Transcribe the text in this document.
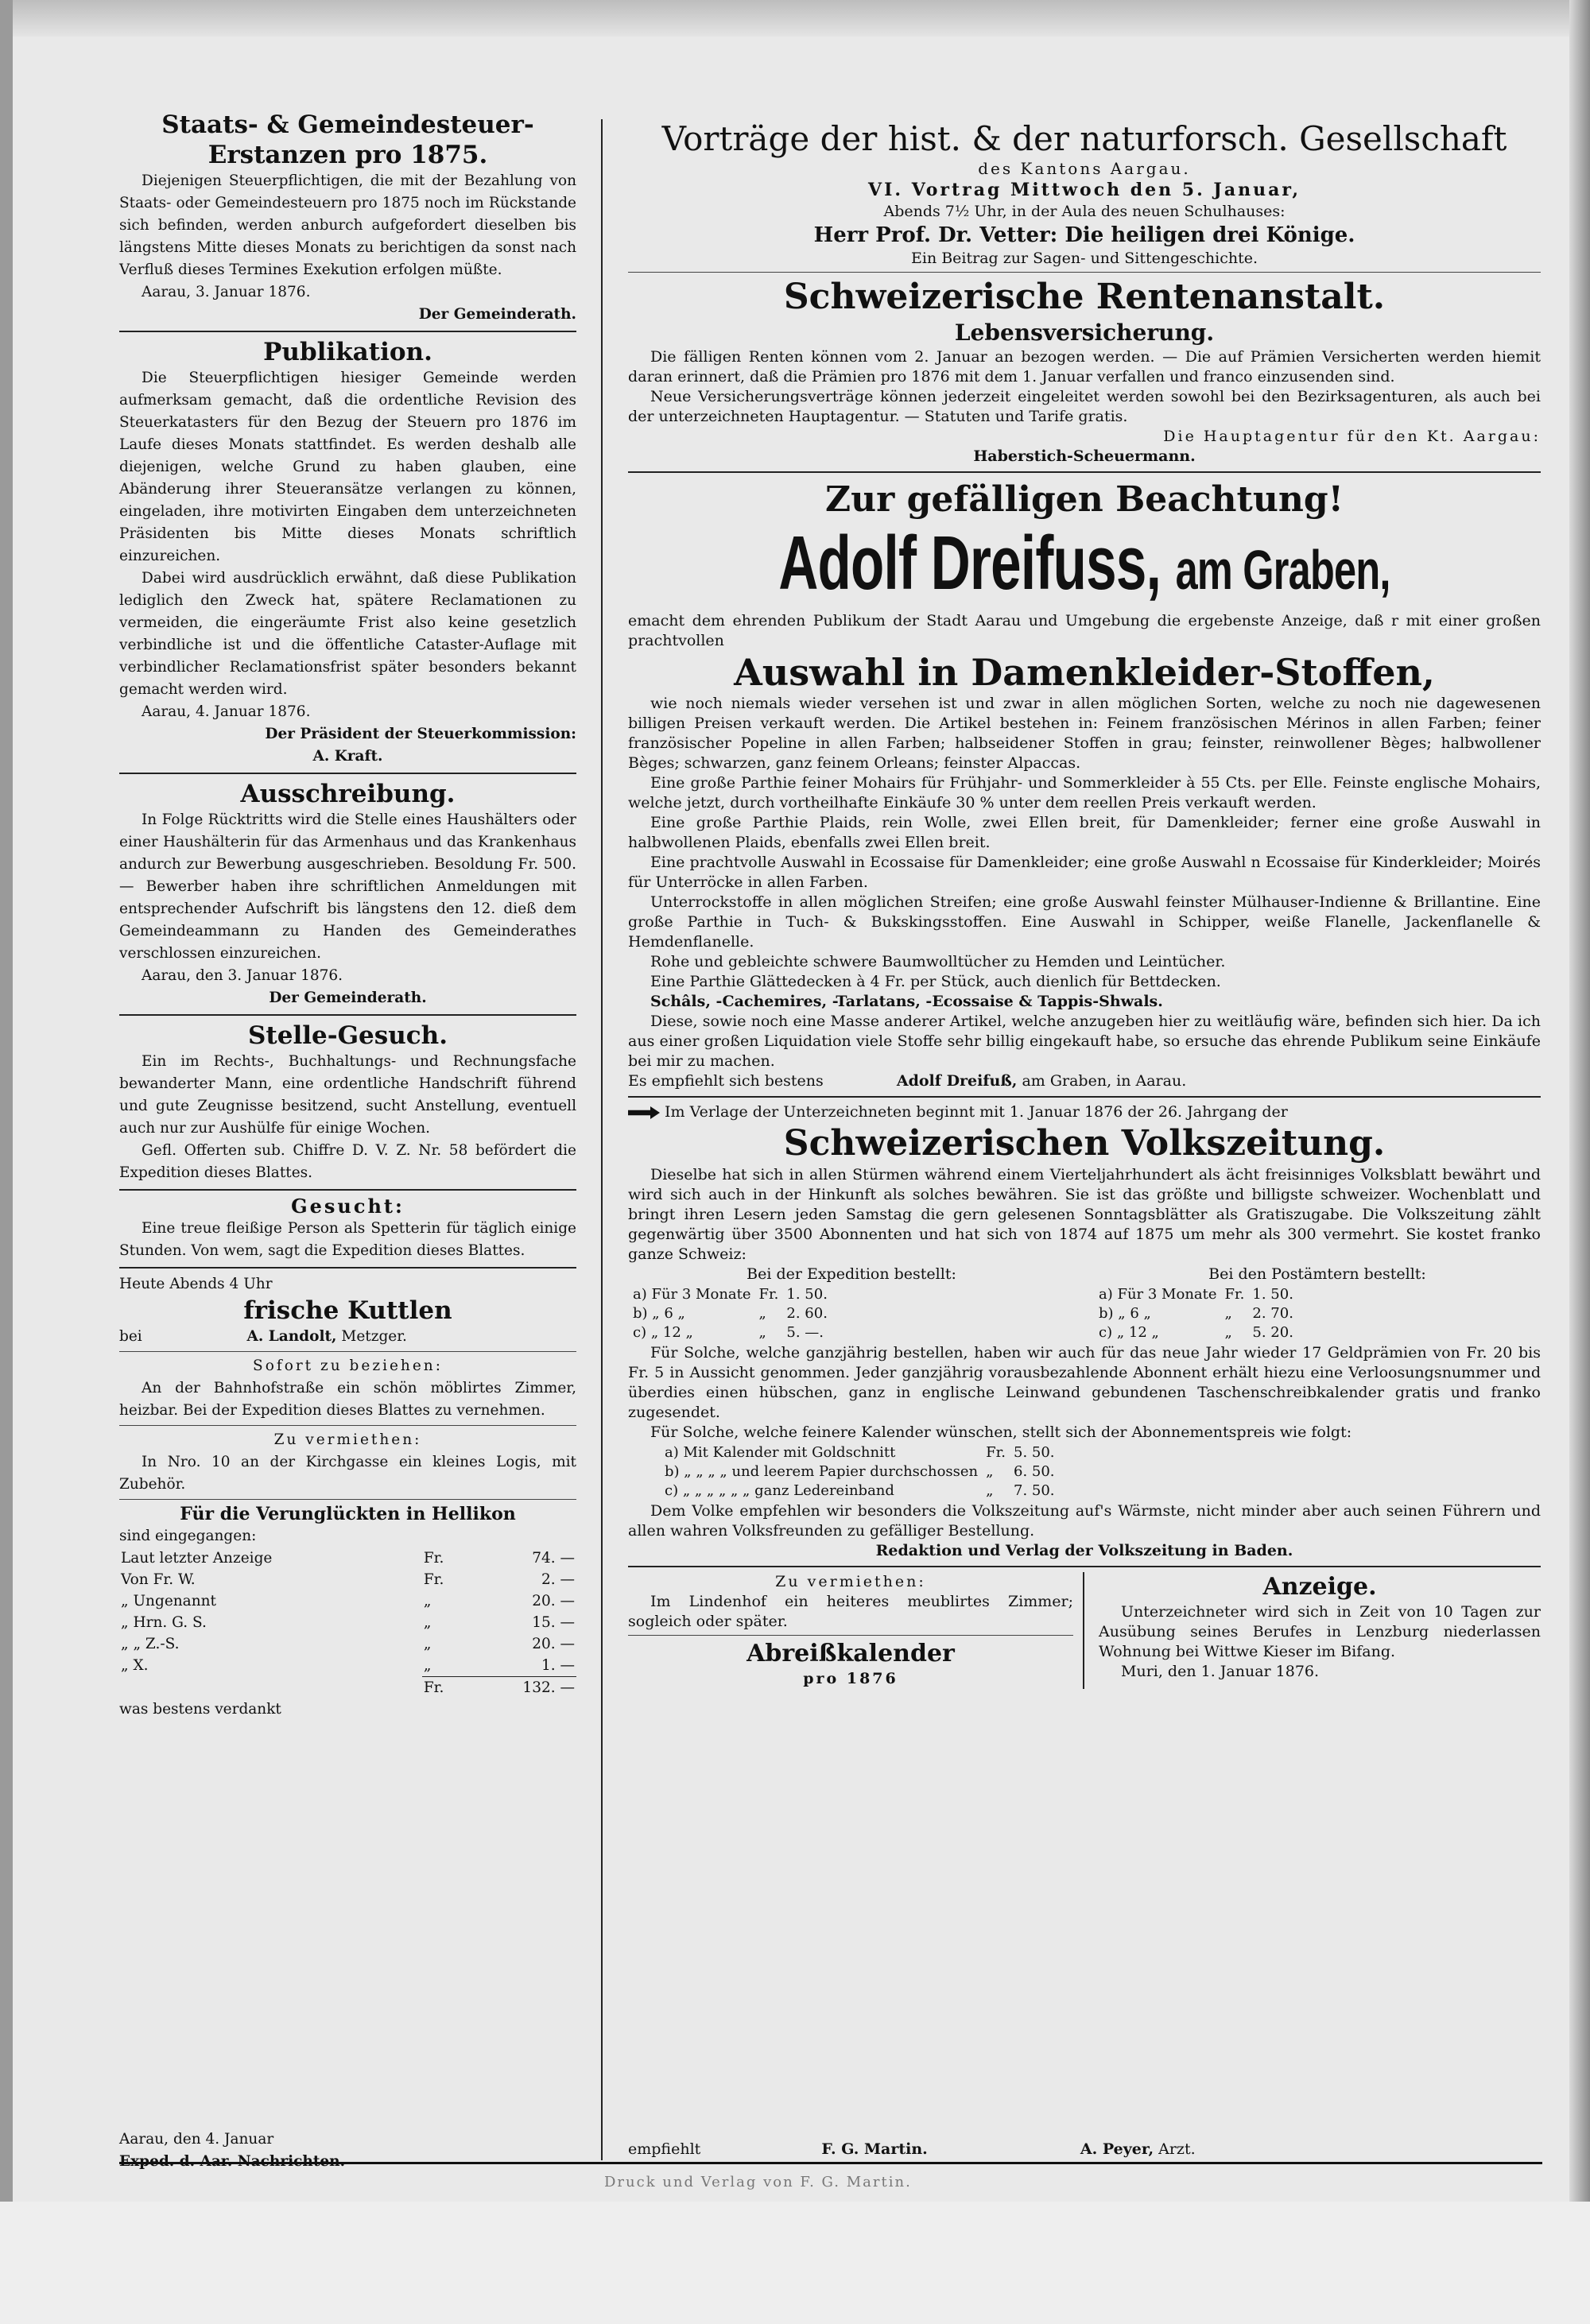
Staats- & Gemeindesteuer-

Erstanzen pro 1875.

Diejenigen Steuerpflichtigen, die mit der Bezahlung von Staats- oder Gemeindesteuern pro 1875 noch im Rückstande sich befinden, werden anburch aufgefordert dieselben bis längstens Mitte dieses Monats zu berichtigen da sonst nach Verfluß dieses Termines Exekution erfolgen müßte.

Aarau, 3. Januar 1876.

Der Gemeinderath.

Publikation.

Die Steuerpflichtigen hiesiger Gemeinde werden aufmerksam gemacht, daß die ordentliche Revision des Steuerkatasters für den Bezug der Steuern pro 1876 im Laufe dieses Monats stattfindet. Es werden deshalb alle diejenigen, welche Grund zu haben glauben, eine Abänderung ihrer Steueransätze verlangen zu können, eingeladen, ihre motivirten Eingaben dem unterzeichneten Präsidenten bis Mitte dieses Monats schriftlich einzureichen.

Dabei wird ausdrücklich erwähnt, daß diese Publikation lediglich den Zweck hat, spätere Reclamationen zu vermeiden, die eingeräumte Frist also keine gesetzlich verbindliche ist und die öffentliche Cataster-Auflage mit verbindlicher Reclamationsfrist später besonders bekannt gemacht werden wird.

Aarau, 4. Januar 1876.

Der Präsident der Steuerkommission:

A. Kraft.

Ausschreibung.

In Folge Rücktritts wird die Stelle eines Haushälters oder einer Haushälterin für das Armenhaus und das Krankenhaus andurch zur Bewerbung ausgeschrieben. Besoldung Fr. 500. — Bewerber haben ihre schriftlichen Anmeldungen mit entsprechender Aufschrift bis längstens den 12. dieß dem Gemeindeammann zu Handen des Gemeinderathes verschlossen einzureichen.

Aarau, den 3. Januar 1876.

Der Gemeinderath.

Stelle-Gesuch.

Ein im Rechts-, Buchhaltungs- und Rechnungsfache bewanderter Mann, eine ordentliche Handschrift führend und gute Zeugnisse besitzend, sucht Anstellung, eventuell auch nur zur Aushülfe für einige Wochen.

Gefl. Offerten sub. Chiffre D. V. Z. Nr. 58 befördert die Expedition dieses Blattes.

Gesucht:

Eine treue fleißige Person als Spetterin für täglich einige Stunden. Von wem, sagt die Expedition dieses Blattes.

Heute Abends 4 Uhr

frische Kuttlen

bei	A. Landolt, Metzger.

Sofort zu beziehen:

An der Bahnhofstraße ein schön möblirtes Zimmer, heizbar. Bei der Expedition dieses Blattes zu vernehmen.

Zu vermiethen:

In Nro. 10 an der Kirchgasse ein kleines Logis, mit Zubehör.

Für die Verunglückten in Hellikon

sind eingegangen:

Laut letzter Anzeige	Fr.	74. —
Von Fr. W.	Fr.	2. —
„ Ungenannt	„	20. —
„ Hrn. G. S.	„	15. —
„ „ Z.-S.	„	20. —
„ X.	„	1. —
	Fr.	132. —

was bestens verdankt

Vorträge der hist. & der naturforsch. Gesellschaft

des Kantons Aargau.

VI. Vortrag Mittwoch den 5. Januar,

Abends 7½ Uhr, in der Aula des neuen Schulhauses:

Herr Prof. Dr. Vetter: Die heiligen drei Könige.

Ein Beitrag zur Sagen- und Sittengeschichte.

Schweizerische Rentenanstalt.

Lebensversicherung.

Die fälligen Renten können vom 2. Januar an bezogen werden. — Die auf Prämien Versicherten werden hiemit daran erinnert, daß die Prämien pro 1876 mit dem 1. Januar verfallen und franco einzusenden sind.

Neue Versicherungsverträge können jederzeit eingeleitet werden sowohl bei den Bezirksagenturen, als auch bei der unterzeichneten Hauptagentur. — Statuten und Tarife gratis.

Die Hauptagentur für den Kt. Aargau:

Haberstich-Scheuermann.

Zur gefälligen Beachtung!

Adolf Dreifuss, am Graben,

emacht dem ehrenden Publikum der Stadt Aarau und Umgebung die ergebenste Anzeige, daß r mit einer großen prachtvollen

Auswahl in Damenkleider-Stoffen,

wie noch niemals wieder versehen ist und zwar in allen möglichen Sorten, welche zu noch nie dagewesenen billigen Preisen verkauft werden. Die Artikel bestehen in: Feinem französischen Mérinos in allen Farben; feiner französischer Popeline in allen Farben; halbseidener Stoffen in grau; feinster, reinwollener Bèges; halbwollener Bèges; schwarzen, ganz feinem Orleans; feinster Alpaccas.

Eine große Parthie feiner Mohairs für Frühjahr- und Sommerkleider à 55 Cts. per Elle. Feinste englische Mohairs, welche jetzt, durch vortheilhafte Einkäufe 30 % unter dem reellen Preis verkauft werden.

Eine große Parthie Plaids, rein Wolle, zwei Ellen breit, für Damenkleider; ferner eine große Auswahl in halbwollenen Plaids, ebenfalls zwei Ellen breit.

Eine prachtvolle Auswahl in Ecossaise für Damenkleider; eine große Auswahl n Ecossaise für Kinderkleider; Moirés für Unterröcke in allen Farben.

Unterrockstoffe in allen möglichen Streifen; eine große Auswahl feinster Mülhauser-Indienne & Brillantine. Eine große Parthie in Tuch- & Bukskingsstoffen. Eine Auswahl in Schipper, weiße Flanelle, Jackenflanelle & Hemdenflanelle.

Rohe und gebleichte schwere Baumwolltücher zu Hemden und Leintücher.

Eine Parthie Glättedecken à 4 Fr. per Stück, auch dienlich für Bettdecken.

Schâls, -Cachemires, -Tarlatans, -Ecossaise & Tappis-Shwals.

Diese, sowie noch eine Masse anderer Artikel, welche anzugeben hier zu weitläufig wäre, befinden sich hier. Da ich aus einer großen Liquidation viele Stoffe sehr billig eingekauft habe, so ersuche das ehrende Publikum seine Einkäufe bei mir zu machen.

Es empfiehlt sich bestens	Adolf Dreifuß, am Graben, in Aarau.

Im Verlage der Unterzeichneten beginnt mit 1. Januar 1876 der 26. Jahrgang der

Schweizerischen Volkszeitung.

Dieselbe hat sich in allen Stürmen während einem Vierteljahrhundert als ächt freisinniges Volksblatt bewährt und wird sich auch in der Hinkunft als solches bewähren. Sie ist das größte und billigste schweizer. Wochenblatt und bringt ihren Lesern jeden Samstag die gern gelesenen Sonntagsblätter als Gratiszugabe. Die Volkszeitung zählt gegenwärtig über 3500 Abonnenten und hat sich von 1874 auf 1875 um mehr als 300 vermehrt. Sie kostet franko ganze Schweiz:

Bei der Expedition bestellt:

a) Für 3 Monate	Fr.	1. 50.
b) „ 6 „	„	2. 60.
c) „ 12 „	„	5. —.

Bei den Postämtern bestellt:

a) Für 3 Monate	Fr.	1. 50.
b) „ 6 „	„	2. 70.
c) „ 12 „	„	5. 20.

Für Solche, welche ganzjährig bestellen, haben wir auch für das neue Jahr wieder 17 Geldprämien von Fr. 20 bis Fr. 5 in Aussicht genommen. Jeder ganzjährig vorausbezahlende Abonnent erhält hiezu eine Verloosungsnummer und überdies einen hübschen, ganz in englische Leinwand gebundenen Taschenschreibkalender gratis und franko zugesendet.

Für Solche, welche feinere Kalender wünschen, stellt sich der Abonnementspreis wie folgt:

a) Mit Kalender mit Goldschnitt	Fr.	5. 50.
b) „ „ „ „ und leerem Papier durchschossen	„	6. 50.
c) „ „ „ „ „ „ ganz Ledereinband	„	7. 50.

Dem Volke empfehlen wir besonders die Volkszeitung auf's Wärmste, nicht minder aber auch seinen Führern und allen wahren Volksfreunden zu gefälliger Bestellung.

Redaktion und Verlag der Volkszeitung in Baden.

Zu vermiethen:

Im Lindenhof ein heiteres meublirtes Zimmer; sogleich oder später.

Abreißkalender

pro 1876

Anzeige.

Unterzeichneter wird sich in Zeit von 10 Tagen zur Ausübung seines Berufes in Lenzburg niederlassen Wohnung bei Wittwe Kieser im Bifang.

Muri, den 1. Januar 1876.

Aarau, den 4. Januar

Exped. d. Aar. Nachrichten.

empfiehlt	F. G. Martin.	A. Peyer, Arzt.

Druck und Verlag von F. G. Martin.
